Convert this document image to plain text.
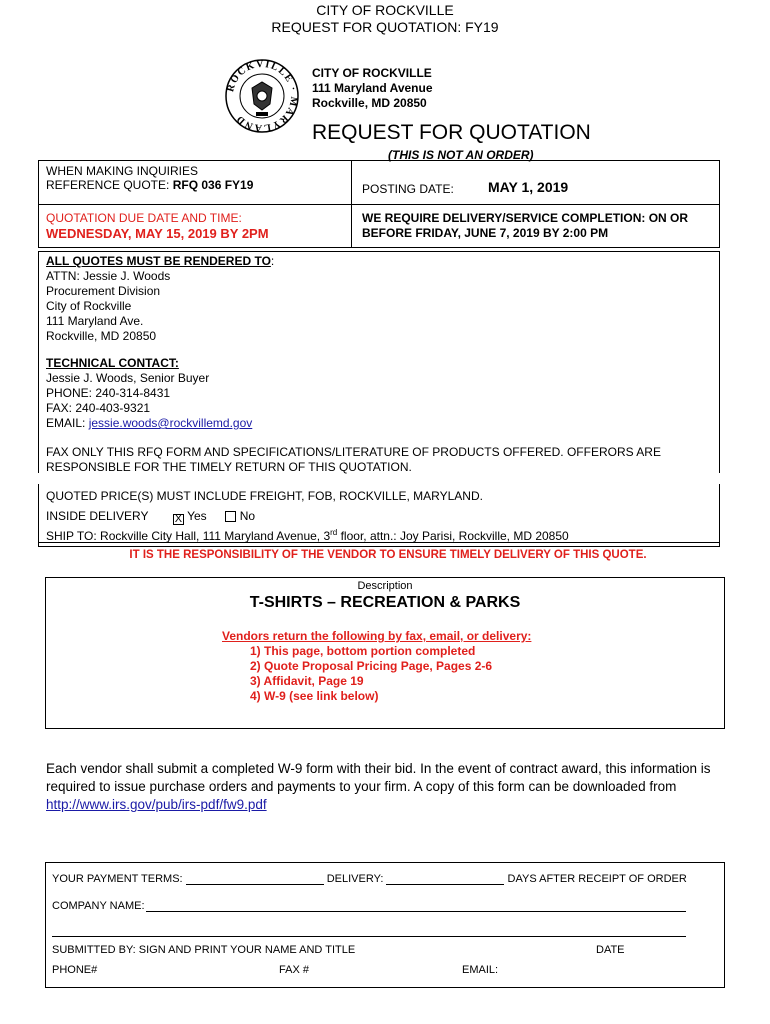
CITY OF ROCKVILLE
REQUEST FOR QUOTATION: FY19
ROCKVILLE · MARYLAND
CITY OF ROCKVILLE
111 Maryland Avenue
Rockville, MD 20850
REQUEST FOR QUOTATION
(THIS IS NOT AN ORDER)
WHEN MAKING INQUIRIES
REFERENCE QUOTE: RFQ 036 FY19	POSTING DATE: MAY 1, 2019
QUOTATION DUE DATE AND TIME:
WEDNESDAY, MAY 15, 2019 BY 2PM
WE REQUIRE DELIVERY/SERVICE COMPLETION: ON OR
BEFORE FRIDAY, JUNE 7, 2019 BY 2:00 PM
ALL QUOTES MUST BE RENDERED TO:
ATTN: Jessie J. Woods
Procurement Division
City of Rockville
111 Maryland Ave.
Rockville, MD 20850
TECHNICAL CONTACT:
Jessie J. Woods, Senior Buyer
PHONE: 240-314-8431
FAX: 240-403-9321
EMAIL: jessie.woods@rockvillemd.gov
FAX ONLY THIS RFQ FORM AND SPECIFICATIONS/LITERATURE OF PRODUCTS OFFERED. OFFERORS ARE
RESPONSIBLE FOR THE TIMELY RETURN OF THIS QUOTATION.
QUOTED PRICE(S) MUST INCLUDE FREIGHT, FOB, ROCKVILLE, MARYLAND.
INSIDE DELIVERY X Yes	No
SHIP TO: Rockville City Hall, 111 Maryland Avenue, 3rd floor, attn.: Joy Parisi, Rockville, MD 20850
IT IS THE RESPONSIBILITY OF THE VENDOR TO ENSURE TIMELY DELIVERY OF THIS QUOTE.
Description
T-SHIRTS – RECREATION & PARKS
Vendors return the following by fax, email, or delivery:
1) This page, bottom portion completed
2) Quote Proposal Pricing Page, Pages 2-6
3) Affidavit, Page 19
4) W-9 (see link below)
Each vendor shall submit a completed W-9 form with their bid. In the event of contract award, this information is
required to issue purchase orders and payments to your firm. A copy of this form can be downloaded from
http://www.irs.gov/pub/irs-pdf/fw9.pdf
YOUR PAYMENT TERMS:	DELIVERY:	DAYS AFTER RECEIPT OF ORDER
COMPANY NAME:
SUBMITTED BY: SIGN AND PRINT YOUR NAME AND TITLE	DATE
PHONE#	FAX #	EMAIL:
